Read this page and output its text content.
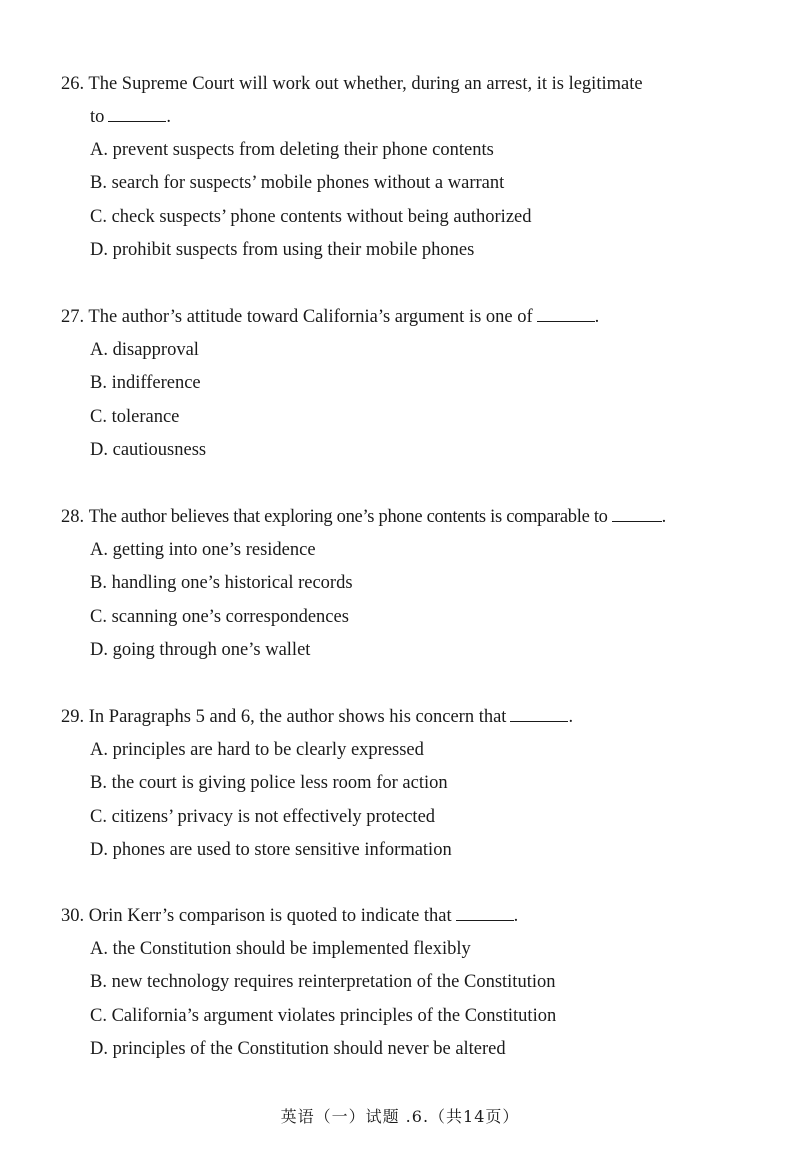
26. The Supreme Court will work out whether, during an arrest, it is legitimate

to	.

A. prevent suspects from deleting their phone contents
B. search for suspects’ mobile phones without a warrant
C. check suspects’ phone contents without being authorized
D. prohibit suspects from using their mobile phones

27. The author’s attitude toward California’s argument is one of	.

A. disapproval
B. indifference
C. tolerance
D. cautiousness

28. The author believes that exploring one’s phone contents is comparable to	.

A. getting into one’s residence
B. handling one’s historical records
C. scanning one’s correspondences
D. going through one’s wallet

29. In Paragraphs 5 and 6, the author shows his concern that	.

A. principles are hard to be clearly expressed
B. the court is giving police less room for action
C. citizens’ privacy is not effectively protected
D. phones are used to store sensitive information

30. Orin Kerr’s comparison is quoted to indicate that	.

A. the Constitution should be implemented flexibly
B. new technology requires reinterpretation of the Constitution
C. California’s argument violates principles of the Constitution
D. principles of the Constitution should never be altered
英语（一）试题 .6.（共14页）
